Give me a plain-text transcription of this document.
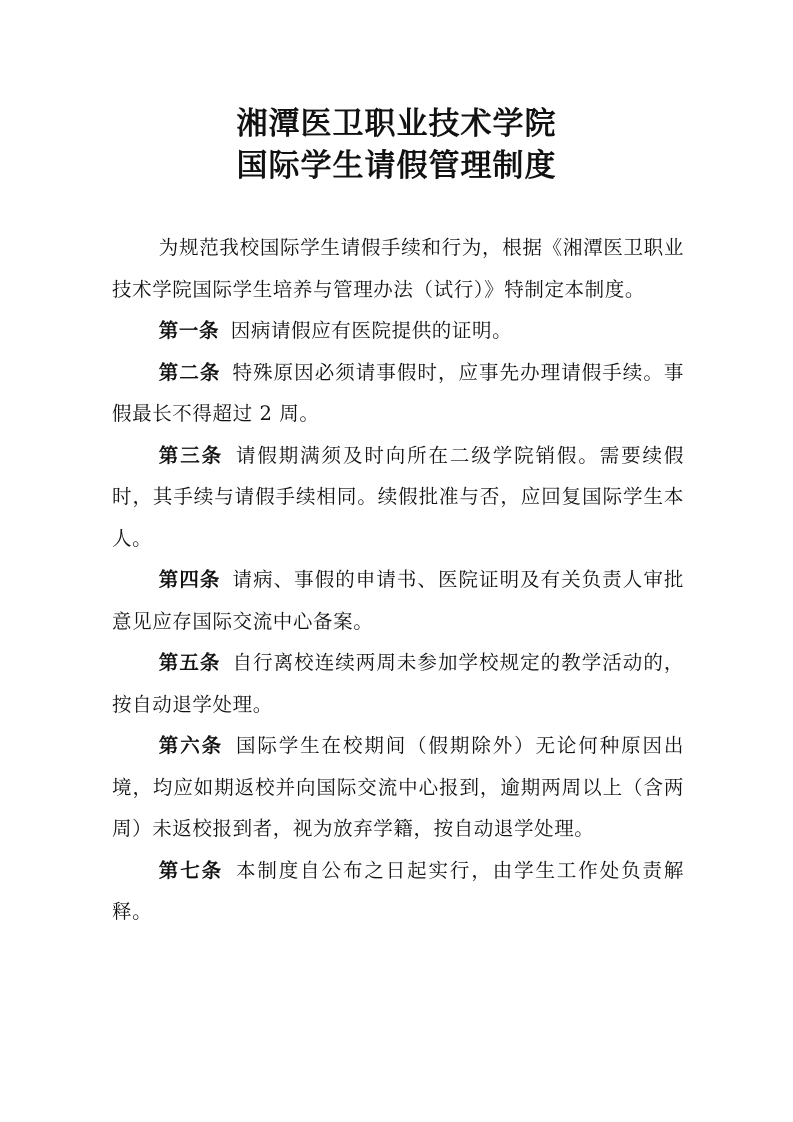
湘潭医卫职业技术学院
国际学生请假管理制度

为规范我校国际学生请假手续和行为，根据《湘潭医卫职业技术学院国际学生培养与管理办法（试行）》特制定本制度。

第一条 因病请假应有医院提供的证明。

第二条 特殊原因必须请事假时，应事先办理请假手续。事假最长不得超过 2 周。

第三条 请假期满须及时向所在二级学院销假。需要续假时，其手续与请假手续相同。续假批准与否，应回复国际学生本人。

第四条 请病、事假的申请书、医院证明及有关负责人审批意见应存国际交流中心备案。

第五条 自行离校连续两周未参加学校规定的教学活动的，按自动退学处理。

第六条 国际学生在校期间（假期除外）无论何种原因出境，均应如期返校并向国际交流中心报到，逾期两周以上（含两周）未返校报到者，视为放弃学籍，按自动退学处理。

第七条 本制度自公布之日起实行，由学生工作处负责解释。
